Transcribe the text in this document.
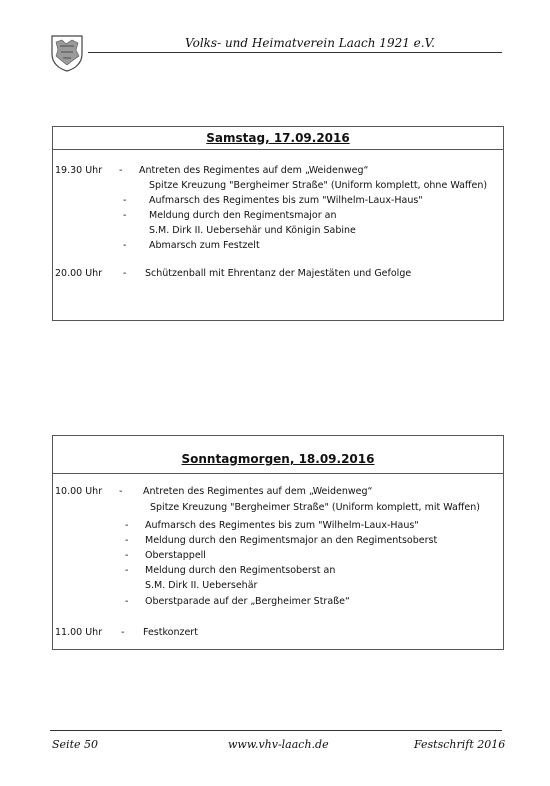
Volks- und Heimatverein Laach 1921 e.V.
Samstag, 17.09.2016
19.30 Uhr - Antreten des Regimentes auf dem „Weidenweg“
Spitze Kreuzung "Bergheimer Straße" (Uniform komplett, ohne Waffen)
- Aufmarsch des Regimentes bis zum "Wilhelm-Laux-Haus"
- Meldung durch den Regimentsmajor an
S.M. Dirk II. Uebersehär und Königin Sabine
- Abmarsch zum Festzelt
20.00 Uhr - Schützenball mit Ehrentanz der Majestäten und Gefolge
Sonntagmorgen, 18.09.2016
10.00 Uhr - Antreten des Regimentes auf dem „Weidenweg“
Spitze Kreuzung "Bergheimer Straße" (Uniform komplett, mit Waffen)
- Aufmarsch des Regimentes bis zum "Wilhelm-Laux-Haus"
- Meldung durch den Regimentsmajor an den Regimentsoberst
- Oberstappell
- Meldung durch den Regimentsoberst an
S.M. Dirk II. Uebersehär
- Oberstparade auf der „Bergheimer Straße“
11.00 Uhr - Festkonzert
Seite 50	www.vhv-laach.de	Festschrift 2016
